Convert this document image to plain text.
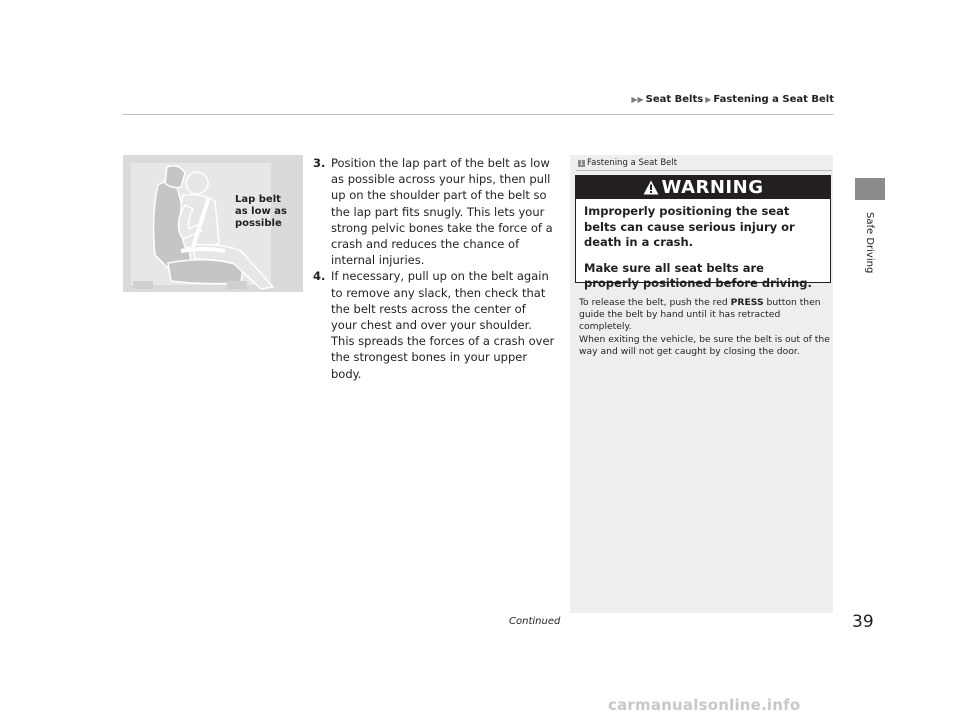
▶▶ Seat Belts ▶ Fastening a Seat Belt
Safe Driving
Lap belt
as low as
possible
3. Position the lap part of the belt as low as possible across your hips, then pull up on the shoulder part of the belt so the lap part fits snugly. This lets your strong pelvic bones take the force of a crash and reduces the chance of internal injuries.
4. If necessary, pull up on the belt again to remove any slack, then check that the belt rests across the center of your chest and over your shoulder. This spreads the forces of a crash over the strongest bones in your upper body.
1 Fastening a Seat Belt
WARNING

Improperly positioning the seat belts can cause serious injury or death in a crash.

Make sure all seat belts are properly positioned before driving.

To release the belt, push the red PRESS button then guide the belt by hand until it has retracted completely.

When exiting the vehicle, be sure the belt is out of the way and will not get caught by closing the door.

Continued	39
carmanualsonline.info
